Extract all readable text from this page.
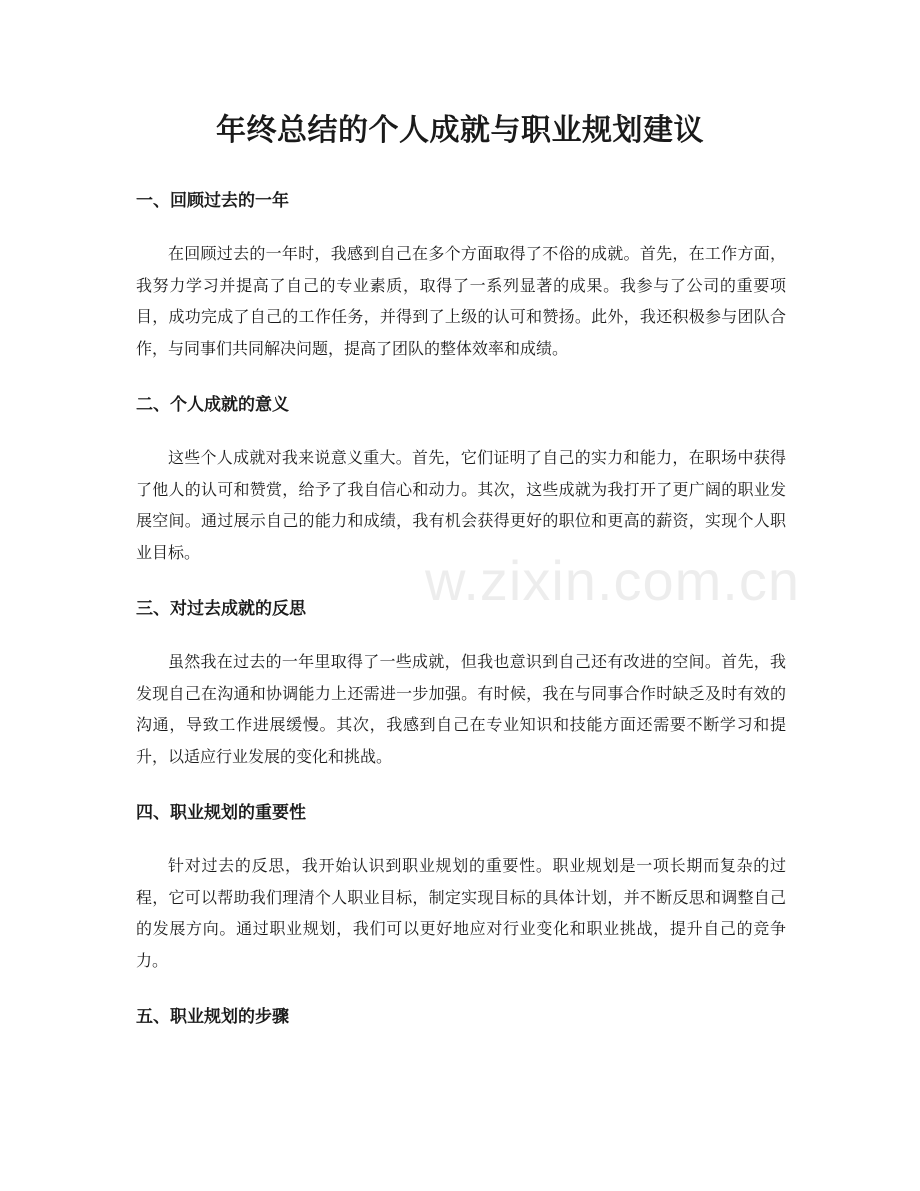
年终总结的个人成就与职业规划建议
一、回顾过去的一年

在回顾过去的一年时，我感到自己在多个方面取得了不俗的成就。首先，在工作方面，我努力学习并提高了自己的专业素质，取得了一系列显著的成果。我参与了公司的重要项目，成功完成了自己的工作任务，并得到了上级的认可和赞扬。此外，我还积极参与团队合作，与同事们共同解决问题，提高了团队的整体效率和成绩。

二、个人成就的意义

这些个人成就对我来说意义重大。首先，它们证明了自己的实力和能力，在职场中获得了他人的认可和赞赏，给予了我自信心和动力。其次，这些成就为我打开了更广阔的职业发展空间。通过展示自己的能力和成绩，我有机会获得更好的职位和更高的薪资，实现个人职业目标。

三、对过去成就的反思

虽然我在过去的一年里取得了一些成就，但我也意识到自己还有改进的空间。首先，我发现自己在沟通和协调能力上还需进一步加强。有时候，我在与同事合作时缺乏及时有效的沟通，导致工作进展缓慢。其次，我感到自己在专业知识和技能方面还需要不断学习和提升，以适应行业发展的变化和挑战。

四、职业规划的重要性

针对过去的反思，我开始认识到职业规划的重要性。职业规划是一项长期而复杂的过程，它可以帮助我们理清个人职业目标，制定实现目标的具体计划，并不断反思和调整自己的发展方向。通过职业规划，我们可以更好地应对行业变化和职业挑战，提升自己的竞争力。

五、职业规划的步骤
w.zixin.com.cn
